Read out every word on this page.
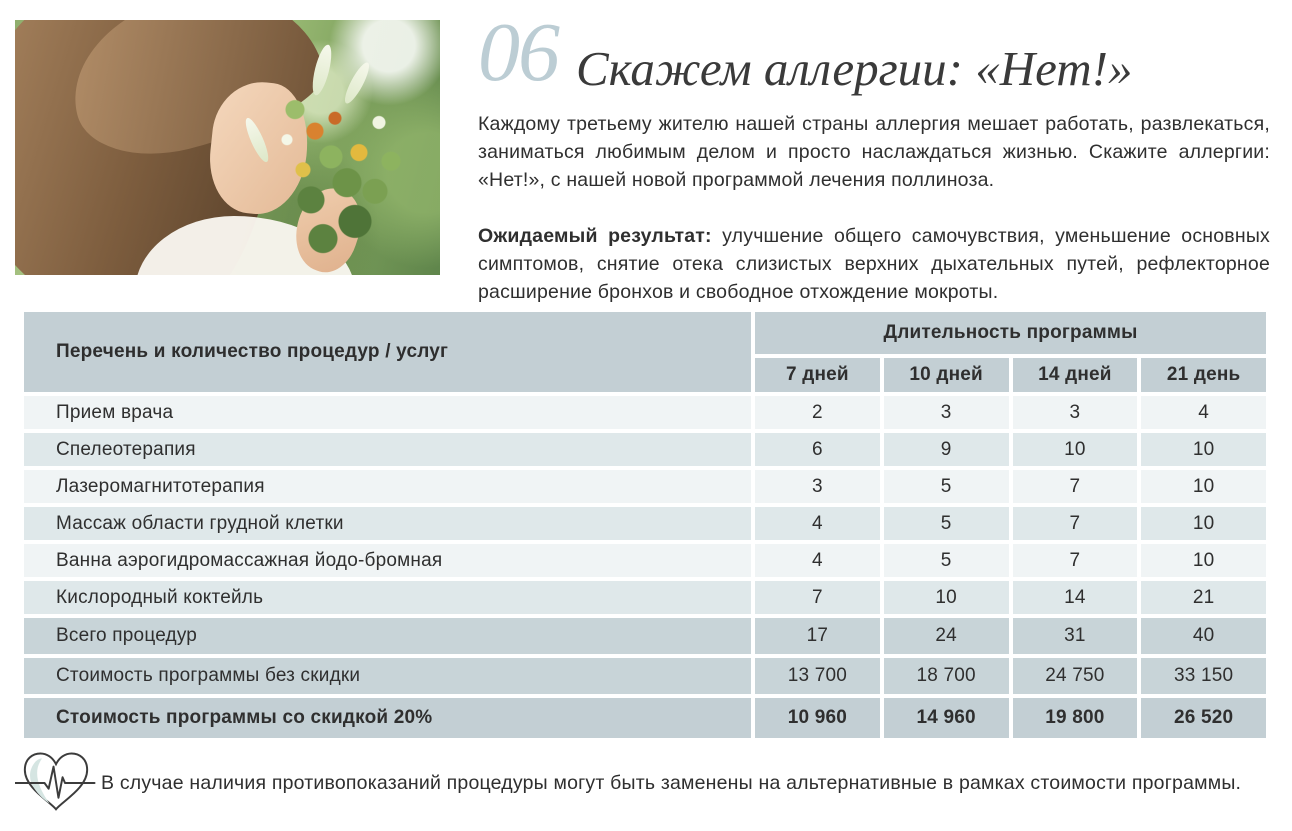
06 Скажем аллергии: «Нет!»

Каждому третьему жителю нашей страны аллергия мешает работать, развлекаться, заниматься любимым делом и просто наслаждаться жизнью. Скажите аллергии: «Нет!», с нашей новой программой лечения поллиноза.

Ожидаемый результат: улучшение общего самочувствия, уменьшение основных симптомов, снятие отека слизистых верхних дыхательных путей, рефлекторное расширение бронхов и свободное отхождение мокроты.

Перечень и количество процедур / услуг	Длительность программы			
	7 дней	10 дней	14 дней	21 день
Прием врача	2	3	3	4
Спелеотерапия	6	9	10	10
Лазеромагнитотерапия	3	5	7	10
Массаж области грудной клетки	4	5	7	10
Ванна аэрогидромассажная йодо-бромная	4	5	7	10
Кислородный коктейль	7	10	14	21
Всего процедур	17	24	31	40
Стоимость программы без скидки	13 700	18 700	24 750	33 150
Стоимость программы со скидкой 20%	10 960	14 960	19 800	26 520
В случае наличия противопоказаний процедуры могут быть заменены на альтернативные в рамках стоимости программы.
